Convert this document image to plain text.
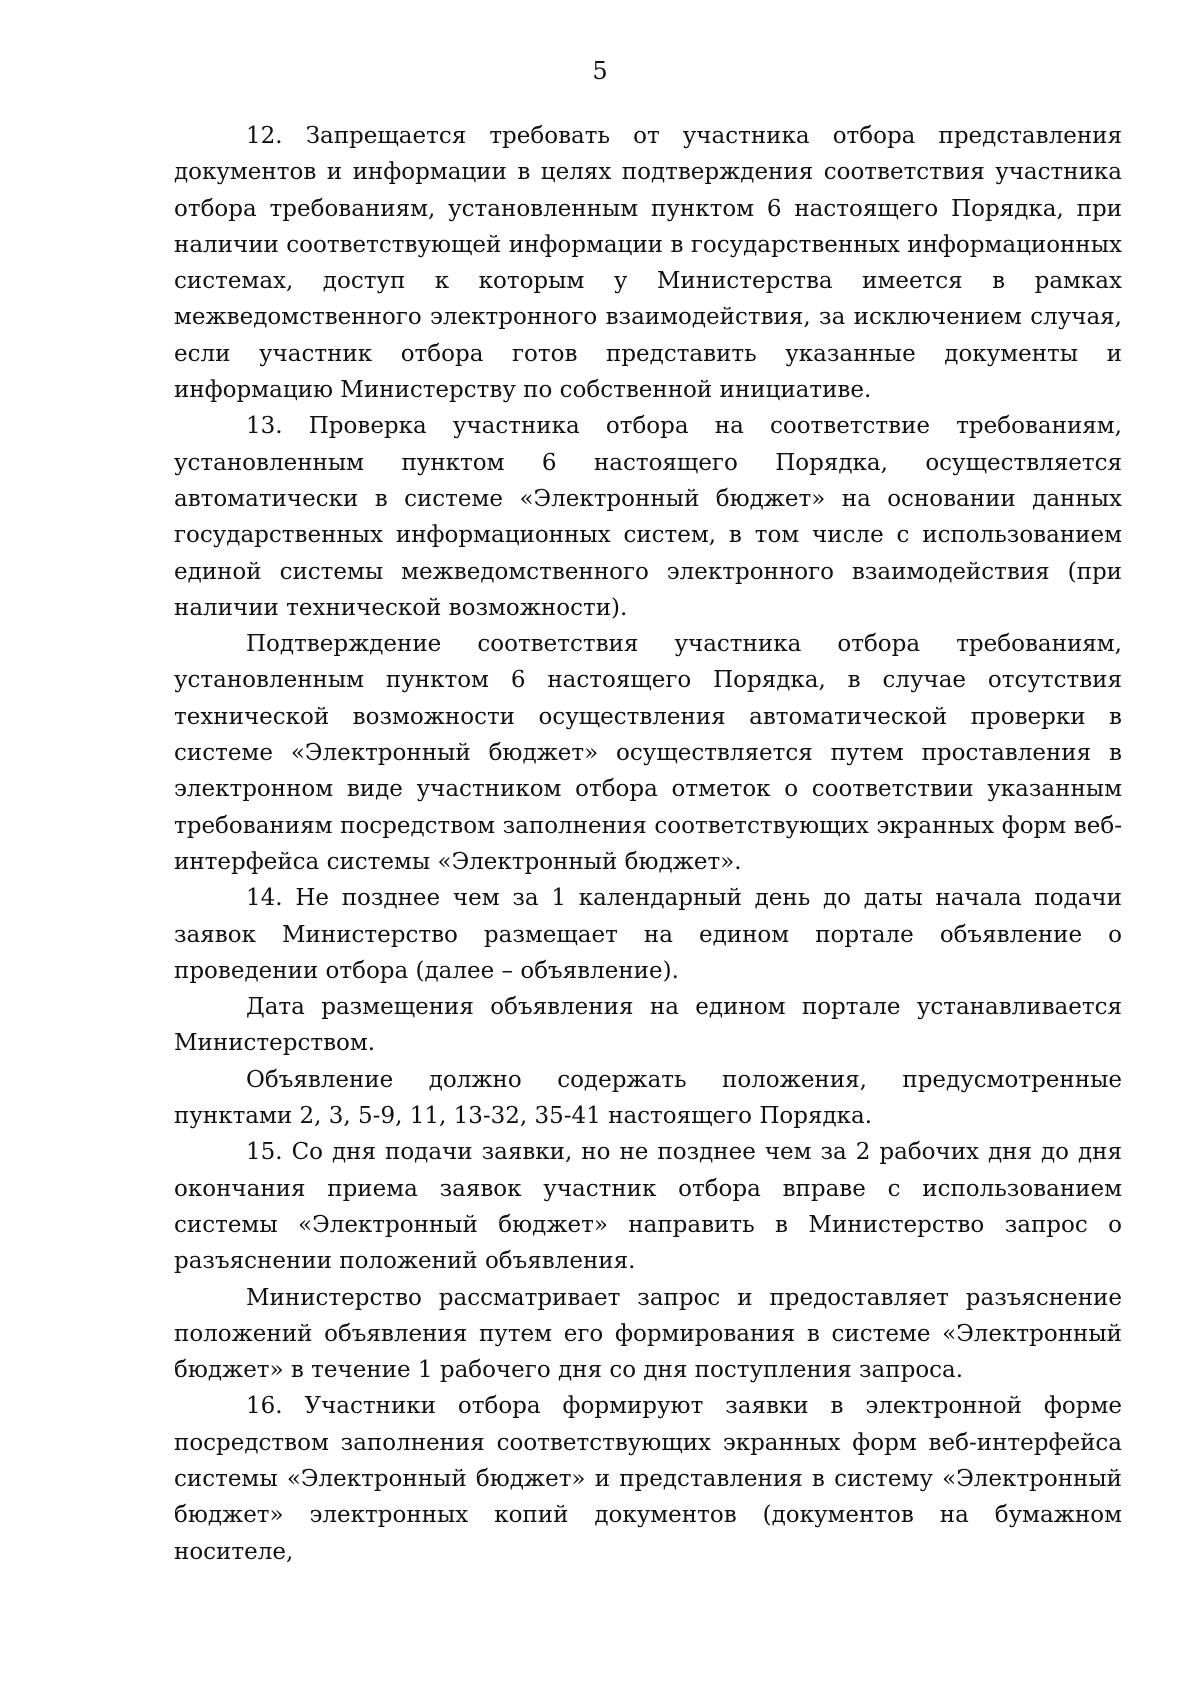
5

12. Запрещается требовать от участника отбора представления документов и информации в целях подтверждения соответствия участника отбора требованиям, установленным пунктом 6 настоящего Порядка, при наличии соответствующей информации в государственных информационных системах, доступ к которым у Министерства имеется в рамках межведомственного электронного взаимодействия, за исключением случая, если участник отбора готов представить указанные документы и информацию Министерству по собственной инициативе.

13. Проверка участника отбора на соответствие требованиям, установленным пунктом 6 настоящего Порядка, осуществляется автоматически в системе «Электронный бюджет» на основании данных государственных информационных систем, в том числе с использованием единой системы межведомственного электронного взаимодействия (при наличии технической возможности).

Подтверждение соответствия участника отбора требованиям, установленным пунктом 6 настоящего Порядка, в случае отсутствия технической возможности осуществления автоматической проверки в системе «Электронный бюджет» осуществляется путем проставления в электронном виде участником отбора отметок о соответствии указанным требованиям посредством заполнения соответствующих экранных форм веб-интерфейса системы «Электронный бюджет».

14. Не позднее чем за 1 календарный день до даты начала подачи заявок Министерство размещает на едином портале объявление о проведении отбора (далее – объявление).

Дата размещения объявления на едином портале устанавливается Министерством.

Объявление должно содержать положения, предусмотренные пунктами 2, 3, 5-9, 11, 13-32, 35-41 настоящего Порядка.

15. Со дня подачи заявки, но не позднее чем за 2 рабочих дня до дня окончания приема заявок участник отбора вправе с использованием системы «Электронный бюджет» направить в Министерство запрос о разъяснении положений объявления.

Министерство рассматривает запрос и предоставляет разъяснение положений объявления путем его формирования в системе «Электронный бюджет» в течение 1 рабочего дня со дня поступления запроса.

16. Участники отбора формируют заявки в электронной форме посредством заполнения соответствующих экранных форм веб-интерфейса системы «Электронный бюджет» и представления в систему «Электронный бюджет» электронных копий документов (документов на бумажном носителе,
